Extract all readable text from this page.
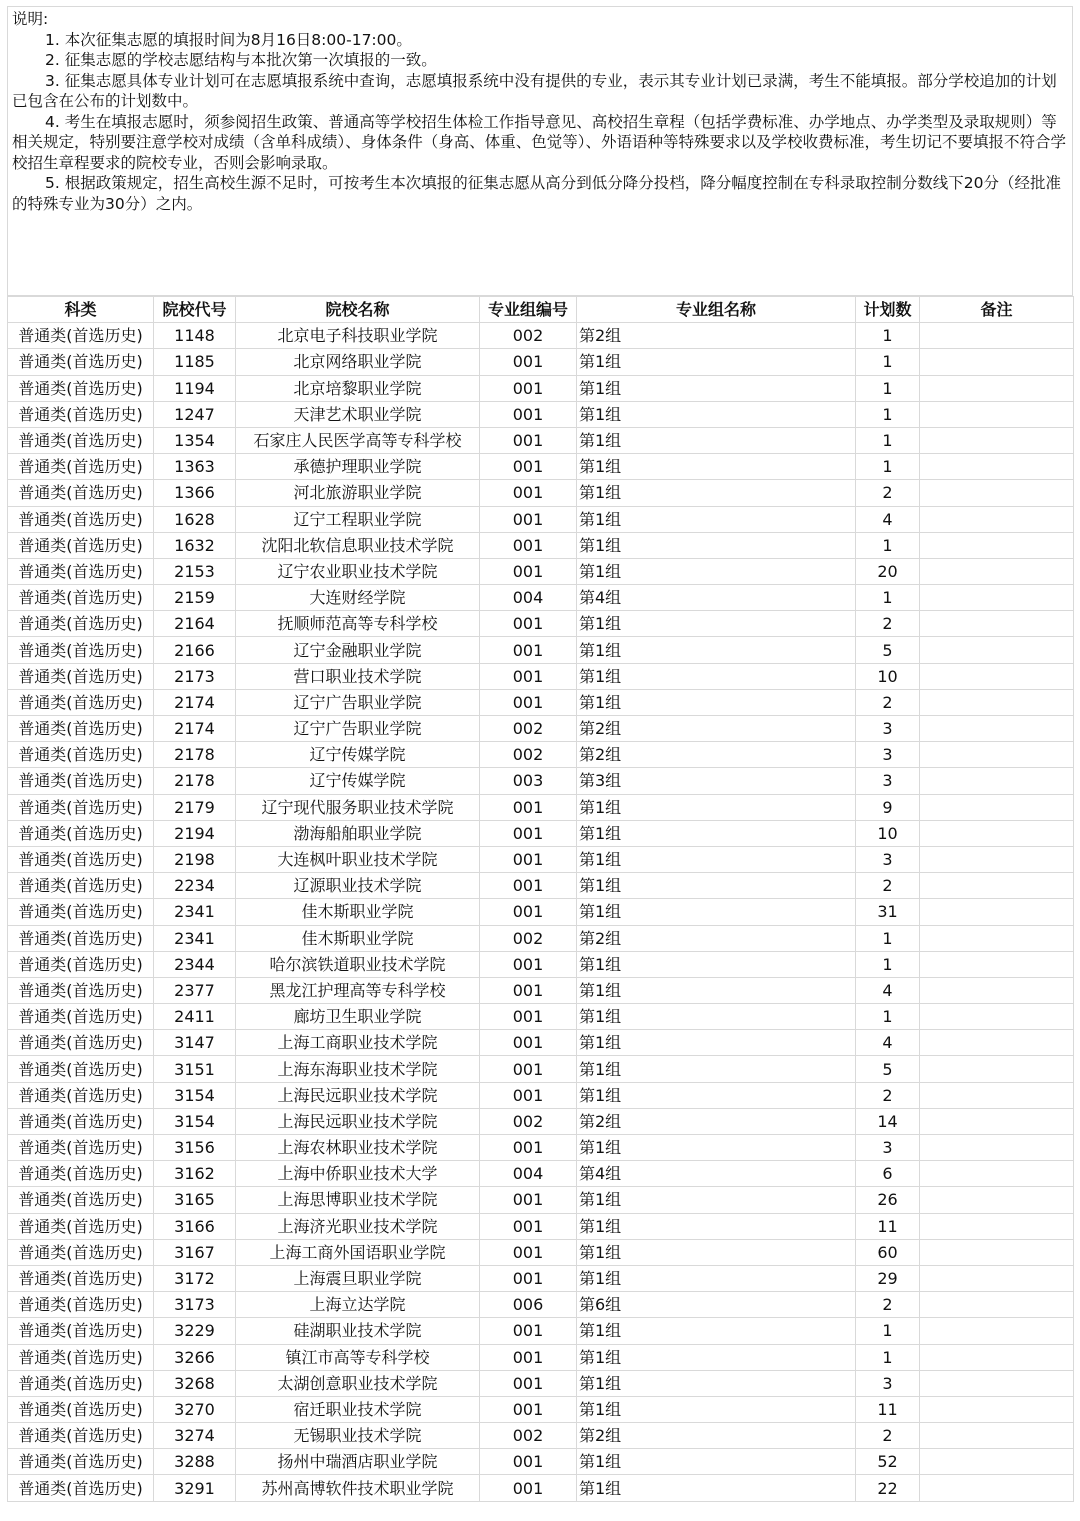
说明:

1. 本次征集志愿的填报时间为8月16日8:00-17:00。

2. 征集志愿的学校志愿结构与本批次第一次填报的一致。

3. 征集志愿具体专业计划可在志愿填报系统中查询，志愿填报系统中没有提供的专业，表示其专业计划已录满，考生不能填报。部分学校追加的计划已包含在公布的计划数中。

4. 考生在填报志愿时，须参阅招生政策、普通高等学校招生体检工作指导意见、高校招生章程（包括学费标准、办学地点、办学类型及录取规则）等相关规定，特别要注意学校对成绩（含单科成绩）、身体条件（身高、体重、色觉等）、外语语种等特殊要求以及学校收费标准，考生切记不要填报不符合学校招生章程要求的院校专业，否则会影响录取。

5. 根据政策规定，招生高校生源不足时，可按考生本次填报的征集志愿从高分到低分降分投档，降分幅度控制在专科录取控制分数线下20分（经批准的特殊专业为30分）之内。

科类	院校代号	院校名称	专业组编号	专业组名称	计划数	备注
普通类(首选历史)	1148	北京电子科技职业学院	002	第2组	1	
普通类(首选历史)	1185	北京网络职业学院	001	第1组	1	
普通类(首选历史)	1194	北京培黎职业学院	001	第1组	1	
普通类(首选历史)	1247	天津艺术职业学院	001	第1组	1	
普通类(首选历史)	1354	石家庄人民医学高等专科学校	001	第1组	1	
普通类(首选历史)	1363	承德护理职业学院	001	第1组	1	
普通类(首选历史)	1366	河北旅游职业学院	001	第1组	2	
普通类(首选历史)	1628	辽宁工程职业学院	001	第1组	4	
普通类(首选历史)	1632	沈阳北软信息职业技术学院	001	第1组	1	
普通类(首选历史)	2153	辽宁农业职业技术学院	001	第1组	20	
普通类(首选历史)	2159	大连财经学院	004	第4组	1	
普通类(首选历史)	2164	抚顺师范高等专科学校	001	第1组	2	
普通类(首选历史)	2166	辽宁金融职业学院	001	第1组	5	
普通类(首选历史)	2173	营口职业技术学院	001	第1组	10	
普通类(首选历史)	2174	辽宁广告职业学院	001	第1组	2	
普通类(首选历史)	2174	辽宁广告职业学院	002	第2组	3	
普通类(首选历史)	2178	辽宁传媒学院	002	第2组	3	
普通类(首选历史)	2178	辽宁传媒学院	003	第3组	3	
普通类(首选历史)	2179	辽宁现代服务职业技术学院	001	第1组	9	
普通类(首选历史)	2194	渤海船舶职业学院	001	第1组	10	
普通类(首选历史)	2198	大连枫叶职业技术学院	001	第1组	3	
普通类(首选历史)	2234	辽源职业技术学院	001	第1组	2	
普通类(首选历史)	2341	佳木斯职业学院	001	第1组	31	
普通类(首选历史)	2341	佳木斯职业学院	002	第2组	1	
普通类(首选历史)	2344	哈尔滨铁道职业技术学院	001	第1组	1	
普通类(首选历史)	2377	黑龙江护理高等专科学校	001	第1组	4	
普通类(首选历史)	2411	廊坊卫生职业学院	001	第1组	1	
普通类(首选历史)	3147	上海工商职业技术学院	001	第1组	4	
普通类(首选历史)	3151	上海东海职业技术学院	001	第1组	5	
普通类(首选历史)	3154	上海民远职业技术学院	001	第1组	2	
普通类(首选历史)	3154	上海民远职业技术学院	002	第2组	14	
普通类(首选历史)	3156	上海农林职业技术学院	001	第1组	3	
普通类(首选历史)	3162	上海中侨职业技术大学	004	第4组	6	
普通类(首选历史)	3165	上海思博职业技术学院	001	第1组	26	
普通类(首选历史)	3166	上海济光职业技术学院	001	第1组	11	
普通类(首选历史)	3167	上海工商外国语职业学院	001	第1组	60	
普通类(首选历史)	3172	上海震旦职业学院	001	第1组	29	
普通类(首选历史)	3173	上海立达学院	006	第6组	2	
普通类(首选历史)	3229	硅湖职业技术学院	001	第1组	1	
普通类(首选历史)	3266	镇江市高等专科学校	001	第1组	1	
普通类(首选历史)	3268	太湖创意职业技术学院	001	第1组	3	
普通类(首选历史)	3270	宿迁职业技术学院	001	第1组	11	
普通类(首选历史)	3274	无锡职业技术学院	002	第2组	2	
普通类(首选历史)	3288	扬州中瑞酒店职业学院	001	第1组	52	
普通类(首选历史)	3291	苏州高博软件技术职业学院	001	第1组	22	
